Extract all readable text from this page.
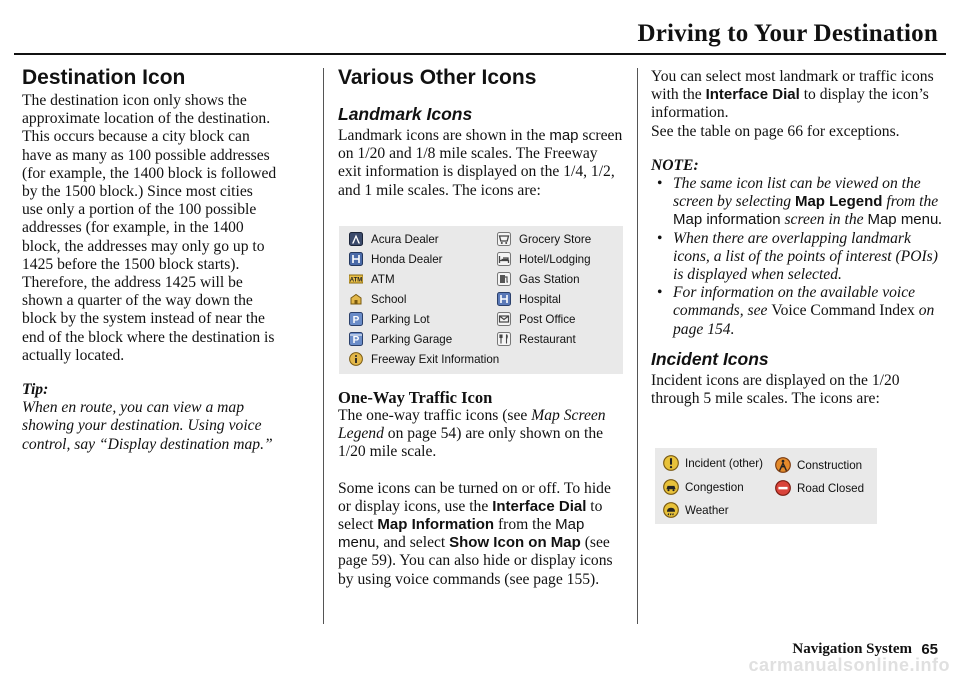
Driving to Your Destination
Destination Icon
The destination icon only shows the
approximate location of the destination.
This occurs because a city block can
have as many as 100 possible addresses
(for example, the 1400 block is followed
by the 1500 block.) Since most cities
use only a portion of the 100 possible
addresses (for example, in the 1400
block, the addresses may only go up to
1425 before the 1500 block starts).
Therefore, the address 1425 will be
shown a quarter of the way down the
block by the system instead of near the
end of the block where the destination is
actually located.
Tip:
When en route, you can view a map
showing your destination. Using voice
control, say “Display destination map.”
Various Other Icons
Landmark Icons

Landmark icons are shown in the map screen on 1/20 and 1/8 mile scales. The Freeway exit information is displayed on the 1/4, 1/2, and 1 mile scales. The icons are:

Acura Dealer	Grocery Store
Honda Dealer	Hotel/Lodging
ATM ATM	Gas Station
School	Hospital
P Parking Lot	Post Office
P Parking Garage	Restaurant
Freeway Exit Information
One-Way Traffic Icon

The one-way traffic icons (see Map Screen Legend on page 54) are only shown on the 1/20 mile scale.

Some icons can be turned on or off. To hide or display icons, use the Interface Dial to select Map Information from the Map menu, and select Show Icon on Map (see page 59). You can also hide or display icons by using voice commands (see page 155).

You can select most landmark or traffic icons with the Interface Dial to display the icon’s information.
See the table on page 66 for exceptions.

NOTE:
• The same icon list can be viewed on the screen by selecting Map Legend from the Map information screen in the Map menu.
• When there are overlapping landmark icons, a list of the points of interest (POIs) is displayed when selected.
• For information on the available voice commands, see Voice Command Index on page 154.
Incident Icons

Incident icons are displayed on the 1/20 through 5 mile scales. The icons are:

Incident (other)	Construction
Congestion	Road Closed
Weather
Navigation System 65
carmanualsonline.info
